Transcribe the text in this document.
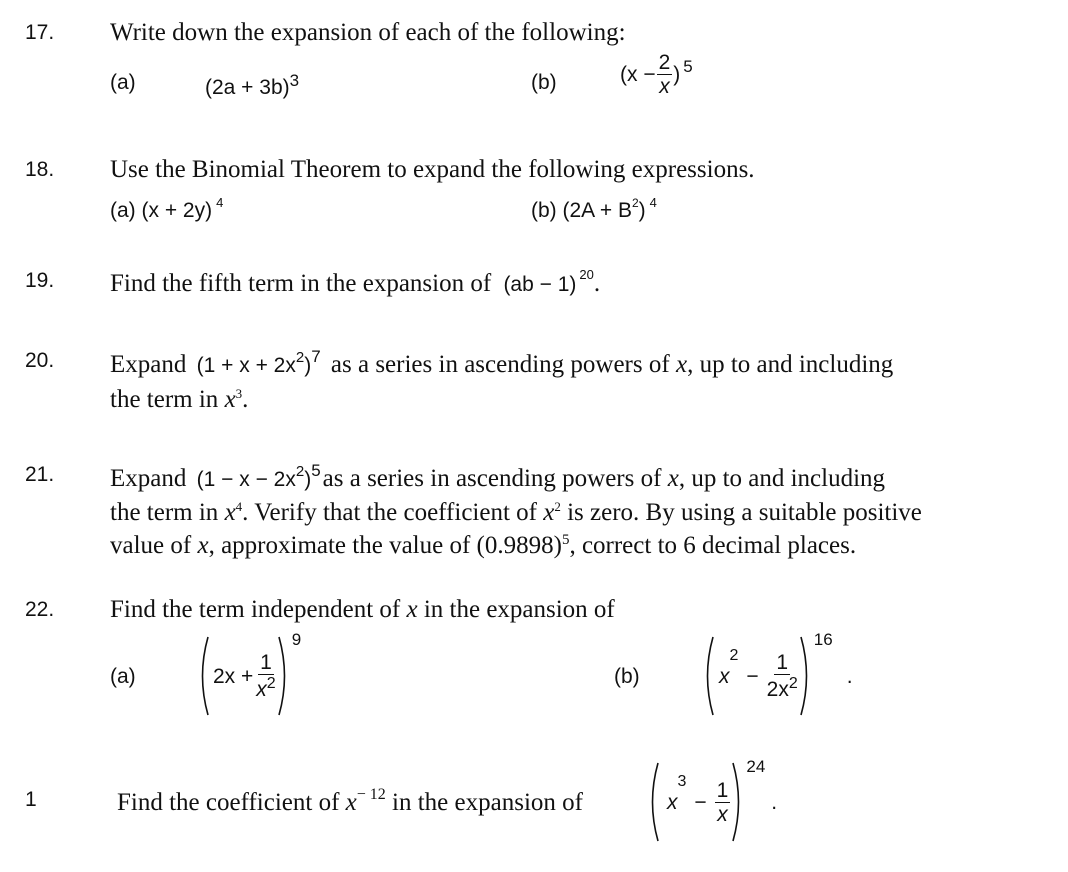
17. Write down the expansion of each of the following:
(a)	$(2a + 3b)^3$	(b)	($x - \frac{2}{x}$ ) 5
18. Use the Binomial Theorem to expand the following expressions.
(a) (x + 2y) $^4$	(b) $(2A + B^2)$ $^4$
19. Find the fifth term in the expansion of (ab − 1) $^{20}$.
20. Expand $(1 + x + 2x^2)^7$ as a series in ascending powers of x, up to and including
the term in $x^3$.
21. Expand $(1 - x - 2x^2)^5as$ a series in ascending powers of x, up to and including
the term in $x^4$. Verify that the coefficient of $x^2$ is zero. By using a suitable positive
value of x, approximate the value of $(0.9898)^5$, correct to 6 decimal places.
22. Find the term independent of x in the expansion of
(a)	$2x + \frac{1}{x^2}$
9
(b)	x
2
− $\frac{1}{2x^2}$
16
.
1	Find the coefficient of $x^{- 12}$ in the expansion of	x
3
− $\frac{1}{x}$
24
.
